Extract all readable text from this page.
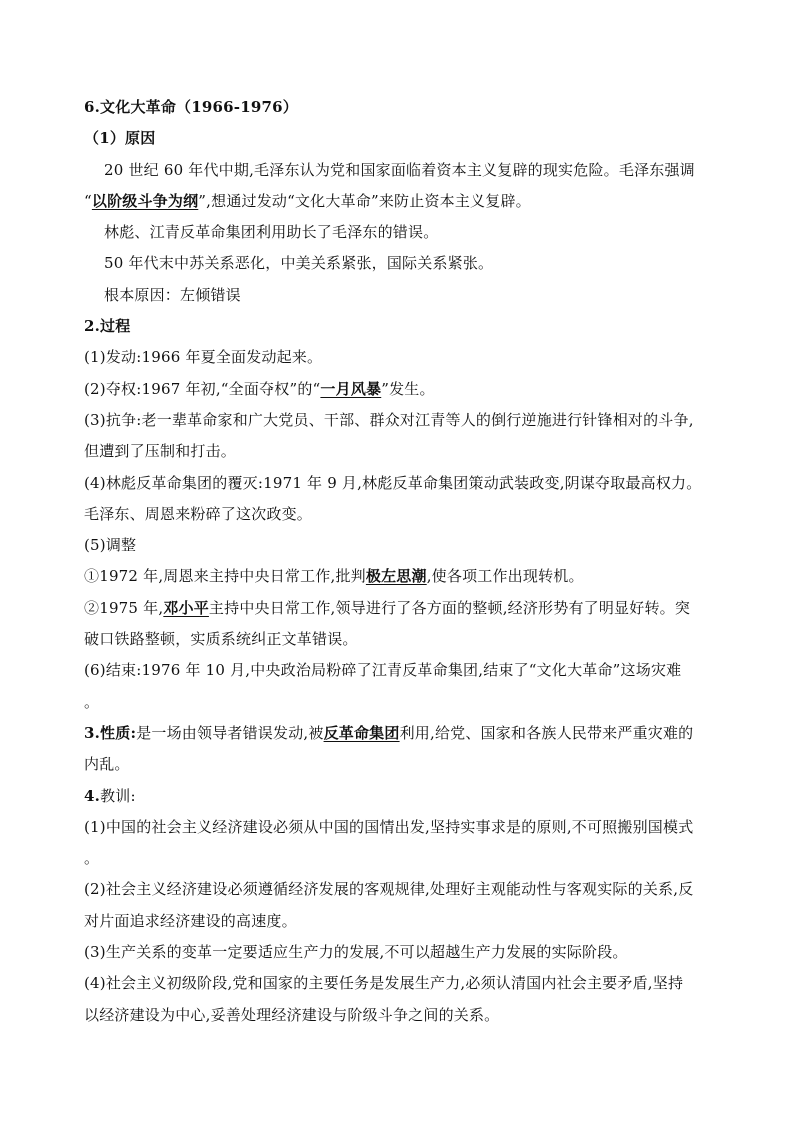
6.文化大革命（1966-1976）
（1）原因
20 世纪 60 年代中期,毛泽东认为党和国家面临着资本主义复辟的现实危险。毛泽东强调
“以阶级斗争为纲”,想通过发动“文化大革命”来防止资本主义复辟。
林彪、江青反革命集团利用助长了毛泽东的错误。
50 年代末中苏关系恶化，中美关系紧张，国际关系紧张。
根本原因：左倾错误
2.过程
(1)发动:1966 年夏全面发动起来。
(2)夺权:1967 年初,“全面夺权”的“一月风暴”发生。
(3)抗争:老一辈革命家和广大党员、干部、群众对江青等人的倒行逆施进行针锋相对的斗争,
但遭到了压制和打击。
(4)林彪反革命集团的覆灭:1971 年 9 月,林彪反革命集团策动武装政变,阴谋夺取最高权力。
毛泽东、周恩来粉碎了这次政变。
(5)调整
①1972 年,周恩来主持中央日常工作,批判极左思潮,使各项工作出现转机。
②1975 年,邓小平主持中央日常工作,领导进行了各方面的整顿,经济形势有了明显好转。突
破口铁路整顿，实质系统纠正文革错误。
(6)结束:1976 年 10 月,中央政治局粉碎了江青反革命集团,结束了“文化大革命”这场灾难
。
3.性质:是一场由领导者错误发动,被反革命集团利用,给党、国家和各族人民带来严重灾难的
内乱。
4.教训:
(1)中国的社会主义经济建设必须从中国的国情出发,坚持实事求是的原则,不可照搬别国模式
。
(2)社会主义经济建设必须遵循经济发展的客观规律,处理好主观能动性与客观实际的关系,反
对片面追求经济建设的高速度。
(3)生产关系的变革一定要适应生产力的发展,不可以超越生产力发展的实际阶段。
(4)社会主义初级阶段,党和国家的主要任务是发展生产力,必须认清国内社会主要矛盾,坚持
以经济建设为中心,妥善处理经济建设与阶级斗争之间的关系。
